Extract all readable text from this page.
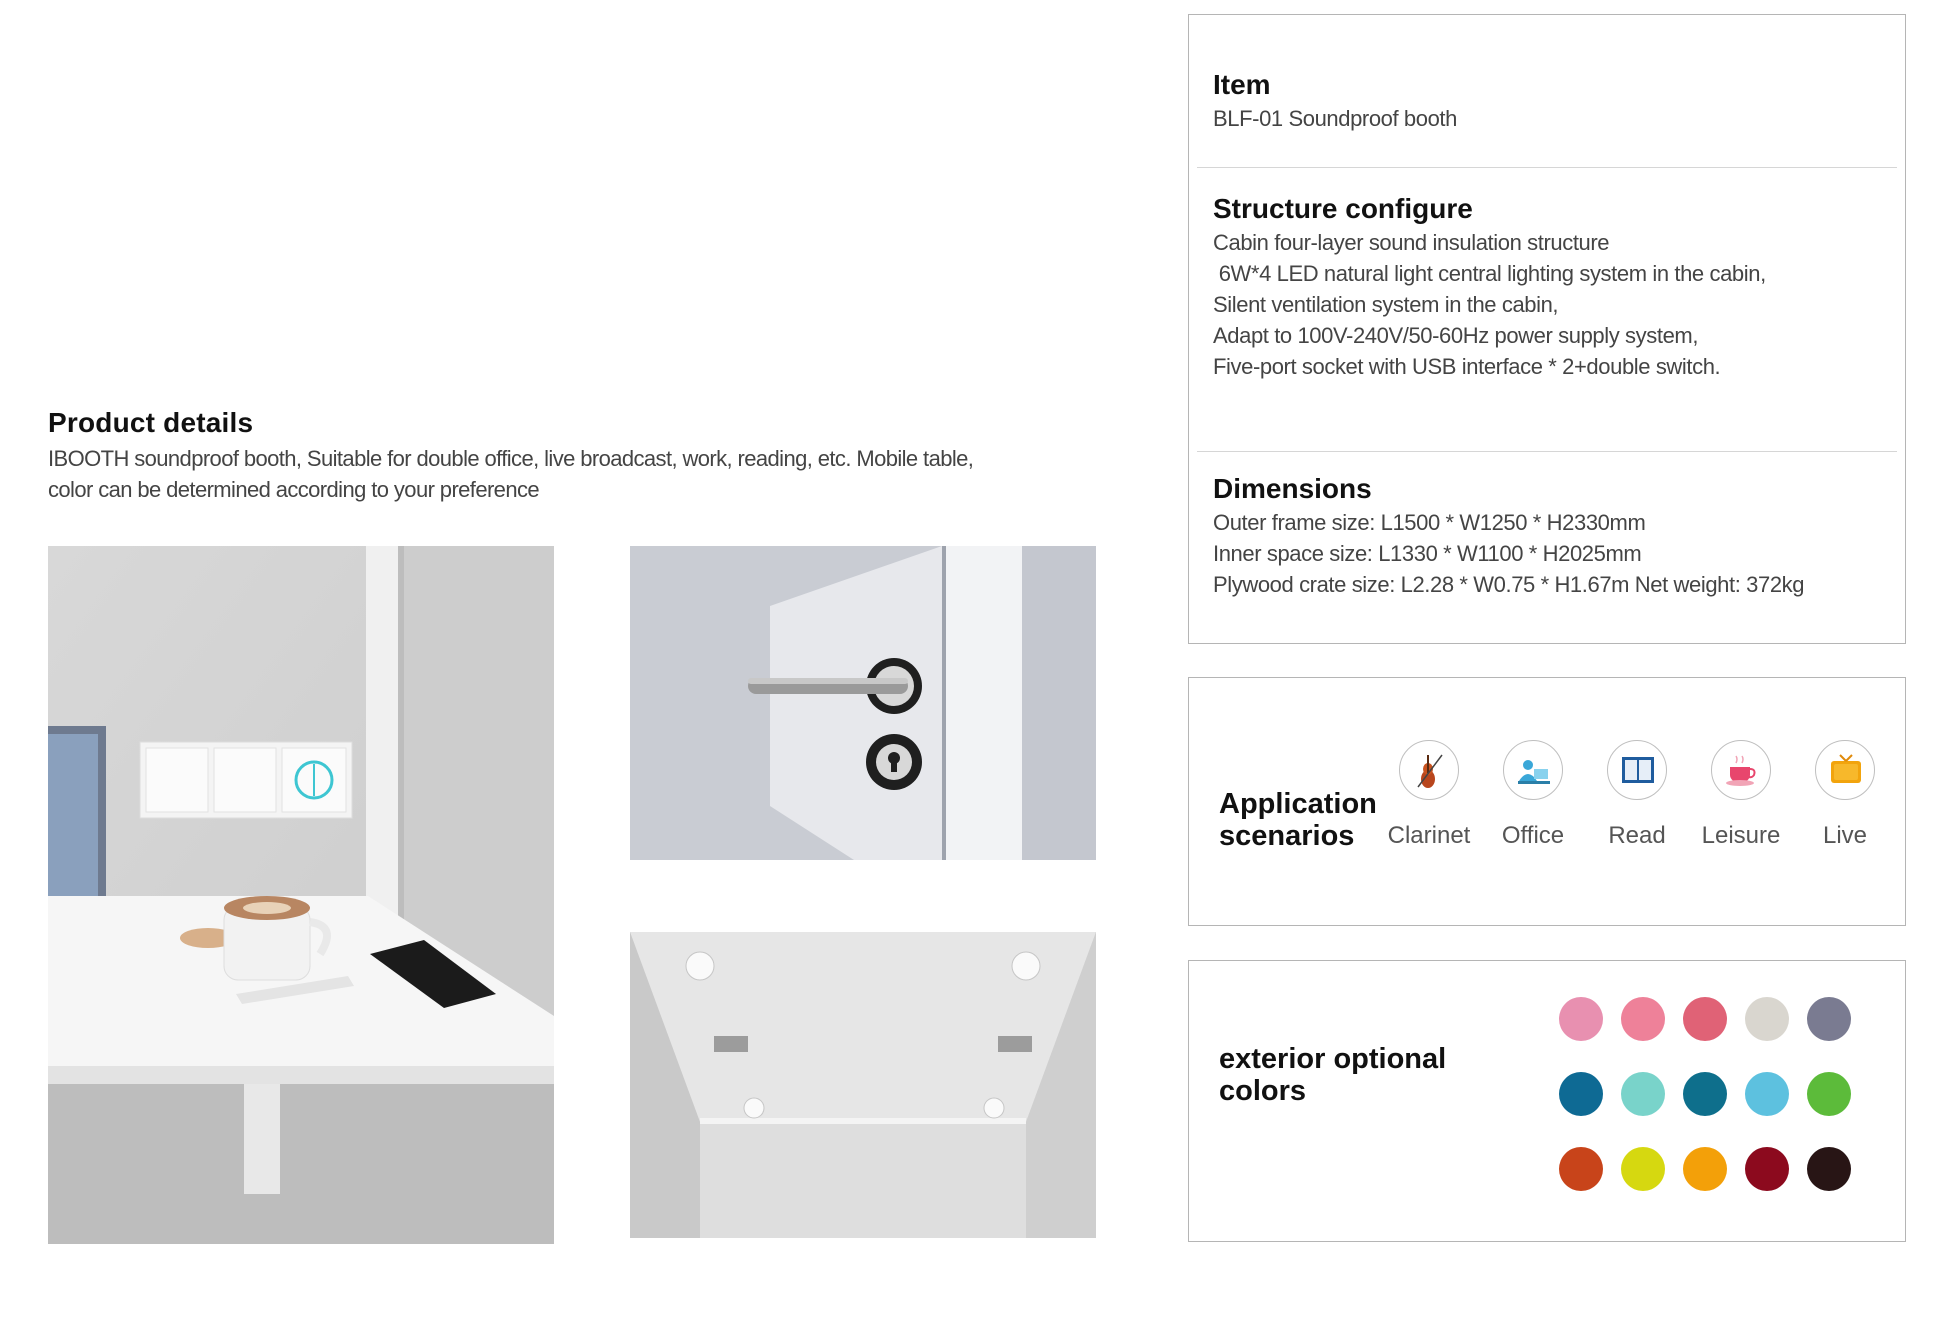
Product details
IBOOTH soundproof booth, Suitable for double office, live broadcast, work, reading, etc. Mobile table, color can be determined according to your preference
Item
BLF-01 Soundproof booth
Structure configure
Cabin four-layer sound insulation structure
6W*4 LED natural light central lighting system in the cabin,
Silent ventilation system in the cabin,
Adapt to 100V-240V/50-60Hz power supply system,
Five-port socket with USB interface * 2+double switch.
Dimensions
Outer frame size: L1500 * W1250 * H2330mm
Inner space size: L1330 * W1100 * H2025mm
Plywood crate size: L2.28 * W0.75 * H1.67m Net weight: 372kg
Application
scenarios	Clarinet	Office	Read	Leisure	Live
exterior optional
colors
